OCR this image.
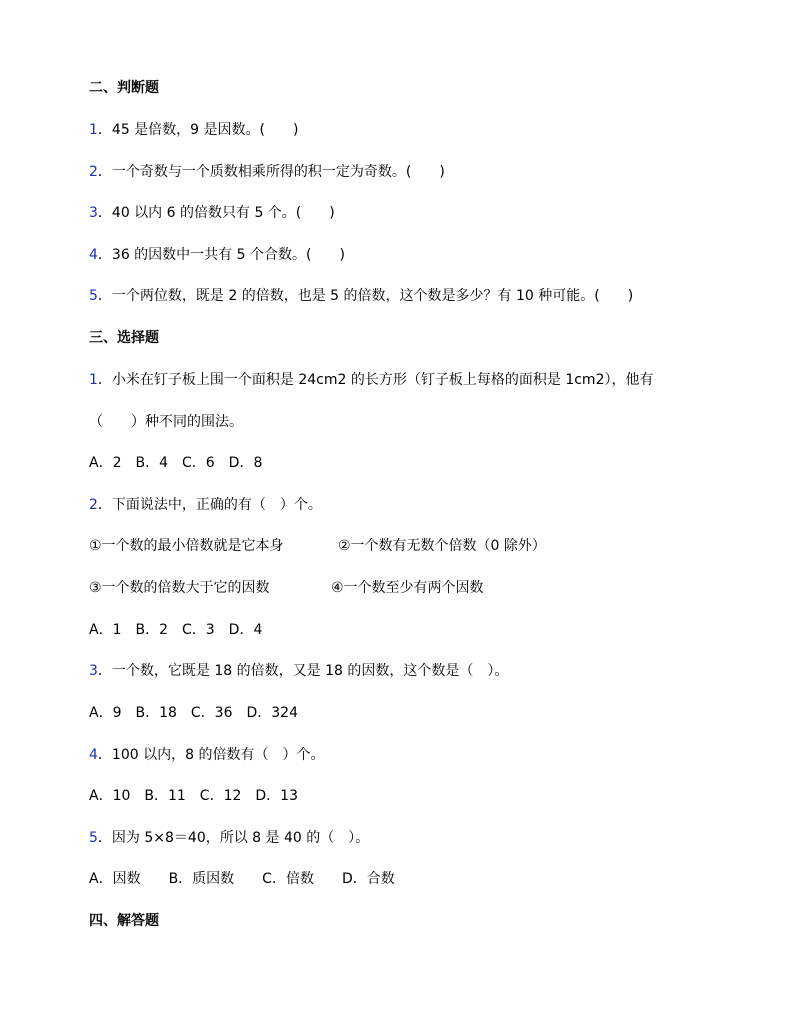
二、判断题
1．45 是倍数，9 是因数。(　　)
2．一个奇数与一个质数相乘所得的积一定为奇数。(　　)
3．40 以内 6 的倍数只有 5 个。(　　)
4．36 的因数中一共有 5 个合数。(　　)
5．一个两位数，既是 2 的倍数，也是 5 的倍数，这个数是多少？有 10 种可能。(　　)
三、选择题
1．小米在钉子板上围一个面积是 24cm2 的长方形（钉子板上每格的面积是 1cm2），他有
（　　）种不同的围法。
A．2　B．4　C．6　D．8
2．下面说法中，正确的有（　）个。
①一个数的最小倍数就是它本身	②一个数有无数个倍数（0 除外）
③一个数的倍数大于它的因数	④一个数至少有两个因数
A．1　B．2　C．3　D．4
3．一个数，它既是 18 的倍数，又是 18 的因数，这个数是（　）。
A．9　B．18　C．36　D．324
4．100 以内，8 的倍数有（　）个。
A．10　B．11　C．12　D．13
5．因为 5×8＝40，所以 8 是 40 的（　）。
A．因数　　B．质因数　　C．倍数　　D．合数
四、解答题
